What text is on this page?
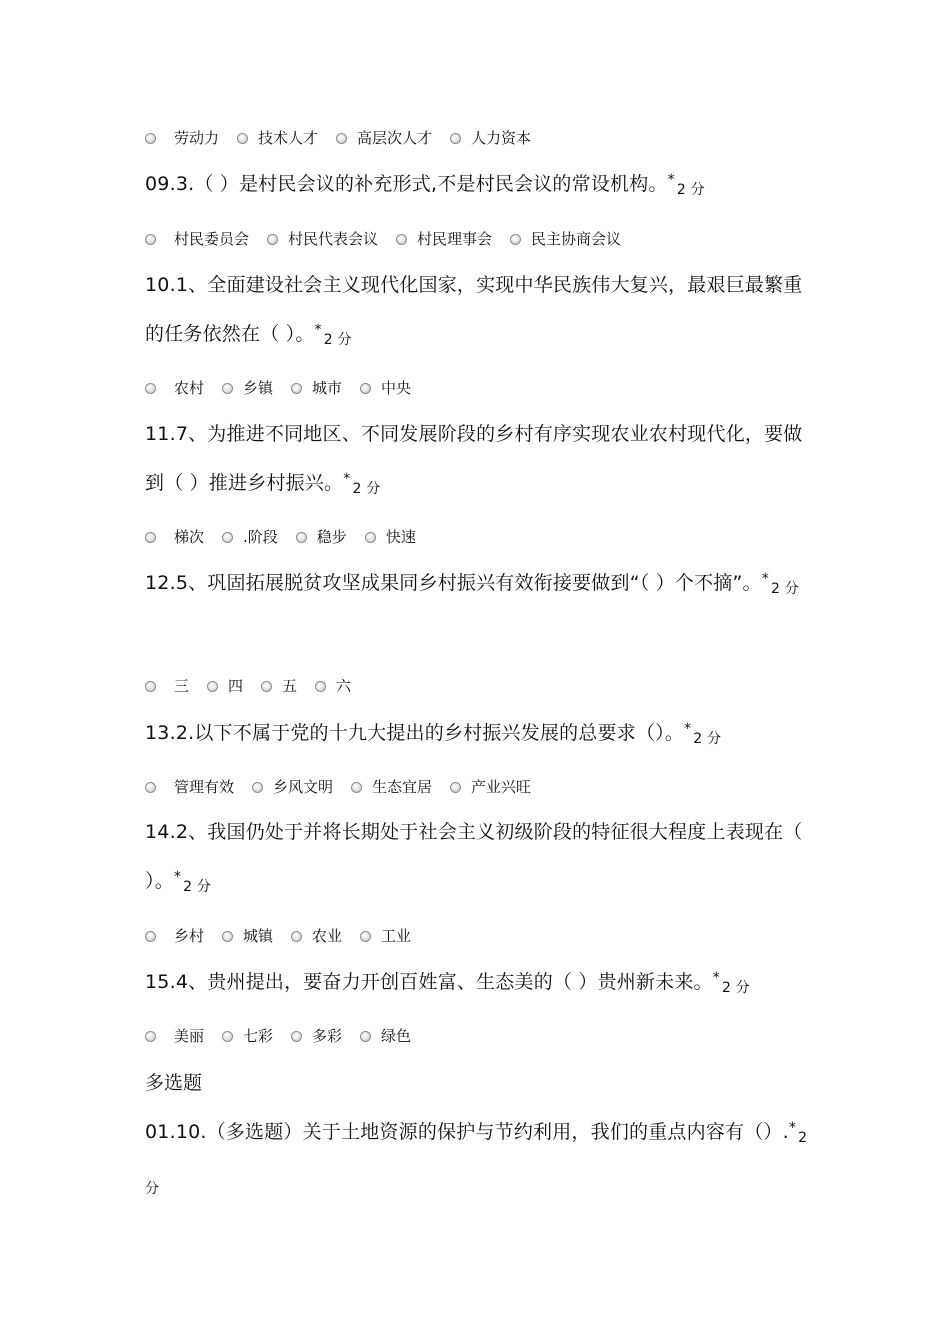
劳动力	技术人才	高层次人才	人力资本
09.3.（ ）是村民会议的补充形式,不是村民会议的常设机构。*$_{2 分}$
村民委员会	村民代表会议	村民理事会	民主协商会议
10.1、全面建设社会主义现代化国家，实现中华民族伟大复兴，最艰巨最繁重的任务依然在（ ）。*$_{2 分}$
农村	乡镇	城市	中央
11.7、为推进不同地区、不同发展阶段的乡村有序实现农业农村现代化，要做到（ ）推进乡村振兴。*$_{2 分}$
梯次	.阶段	稳步	快速
12.5、巩固拓展脱贫攻坚成果同乡村振兴有效衔接要做到“（ ）个不摘”。*$_{2 分}$
三	四	五	六
13.2.以下不属于党的十九大提出的乡村振兴发展的总要求（）。*$_{2 分}$
管理有效	乡风文明	生态宜居	产业兴旺
14.2、我国仍处于并将长期处于社会主义初级阶段的特征很大程度上表现在（ ）。*$_{2 分}$
乡村	城镇	农业	工业
15.4、贵州提出，要奋力开创百姓富、生态美的（ ）贵州新未来。*$_{2 分}$
美丽	七彩	多彩	绿色
多选题
01.10.（多选题）关于土地资源的保护与节约利用，我们的重点内容有$().^*_{2 分}$
